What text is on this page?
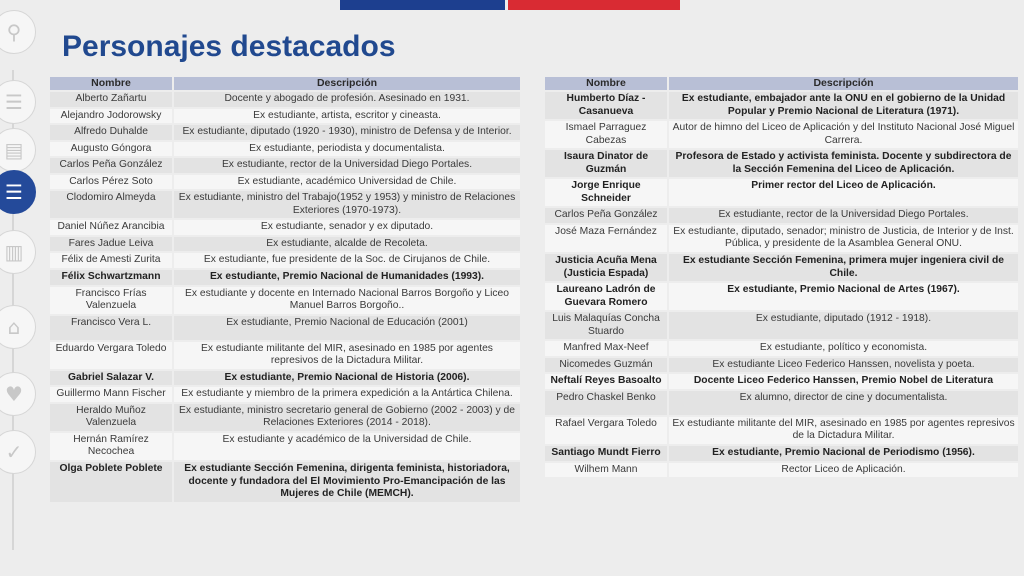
⚲
☰
▤
☰
▥
⌂
♥
✓
Personajes destacados
Nombre	Descripción
Alberto Zañartu	Docente y abogado de profesión. Asesinado en 1931.
Alejandro Jodorowsky	Ex estudiante, artista, escritor y cineasta.
Alfredo Duhalde	Ex estudiante, diputado (1920 - 1930), ministro de Defensa y de Interior.
Augusto Góngora	Ex estudiante, periodista y documentalista.
Carlos Peña González	Ex estudiante, rector de la Universidad Diego Portales.
Carlos Pérez Soto	Ex estudiante, académico Universidad de Chile.
Clodomiro Almeyda	Ex estudiante, ministro del Trabajo(1952 y 1953) y ministro de Relaciones Exteriores (1970-1973).
Daniel Núñez Arancibia	Ex estudiante, senador y ex diputado.
Fares Jadue Leiva	Ex estudiante, alcalde de Recoleta.
Félix de Amesti Zurita	Ex estudiante, fue presidente de la Soc. de Cirujanos de Chile.
Félix Schwartzmann	Ex estudiante, Premio Nacional de Humanidades (1993).
Francisco Frías Valenzuela	Ex estudiante y docente en Internado Nacional Barros Borgoño y Liceo Manuel Barros Borgoño..
Francisco Vera L.	Ex estudiante, Premio Nacional de Educación (2001)
Eduardo Vergara Toledo	Ex estudiante militante del MIR, asesinado en 1985 por agentes represivos de la Dictadura Militar.
Gabriel Salazar V.	Ex estudiante, Premio Nacional de Historia (2006).
Guillermo Mann Fischer	Ex estudiante y miembro de la primera expedición a la Antártica Chilena.
Heraldo Muñoz Valenzuela	Ex estudiante, ministro secretario general de Gobierno (2002 - 2003) y de Relaciones Exteriores (2014 - 2018).
Hernán Ramírez Necochea	Ex estudiante y académico de la Universidad de Chile.
Olga Poblete Poblete	Ex estudiante Sección Femenina, dirigenta feminista, historiadora, docente y fundadora del El Movimiento Pro-Emancipación de las Mujeres de Chile (MEMCH).
Nombre	Descripción
Humberto Díaz - Casanueva	Ex estudiante, embajador ante la ONU en el gobierno de la Unidad Popular y Premio Nacional de Literatura (1971).
Ismael Parraguez Cabezas	Autor de himno del Liceo de Aplicación y del Instituto Nacional José Miguel Carrera.
Isaura Dinator de Guzmán	Profesora de Estado y activista feminista. Docente y subdirectora de la Sección Femenina del Liceo de Aplicación.
Jorge Enrique Schneider	Primer rector del Liceo de Aplicación.
Carlos Peña González	Ex estudiante, rector de la Universidad Diego Portales.
José Maza Fernández	Ex estudiante, diputado, senador; ministro de Justicia, de Interior y de Inst. Pública, y presidente de la Asamblea General ONU.
Justicia Acuña Mena (Justicia Espada)	Ex estudiante Sección Femenina, primera mujer ingeniera civil de Chile.
Laureano Ladrón de Guevara Romero	Ex estudiante, Premio Nacional de Artes (1967).
Luis Malaquías Concha Stuardo	Ex estudiante, diputado (1912 - 1918).
Manfred Max-Neef	Ex estudiante, político y economista.
Nicomedes Guzmán	Ex estudiante Liceo Federico Hanssen, novelista y poeta.
Neftalí Reyes Basoalto	Docente Liceo Federico Hanssen, Premio Nobel de Literatura
Pedro Chaskel Benko	Ex alumno, director de cine y documentalista.
Rafael Vergara Toledo	Ex estudiante militante del MIR, asesinado en 1985 por agentes represivos de la Dictadura Militar.
Santiago Mundt Fierro	Ex estudiante, Premio Nacional de Periodismo (1956).
Wilhem Mann	Rector Liceo de Aplicación.
